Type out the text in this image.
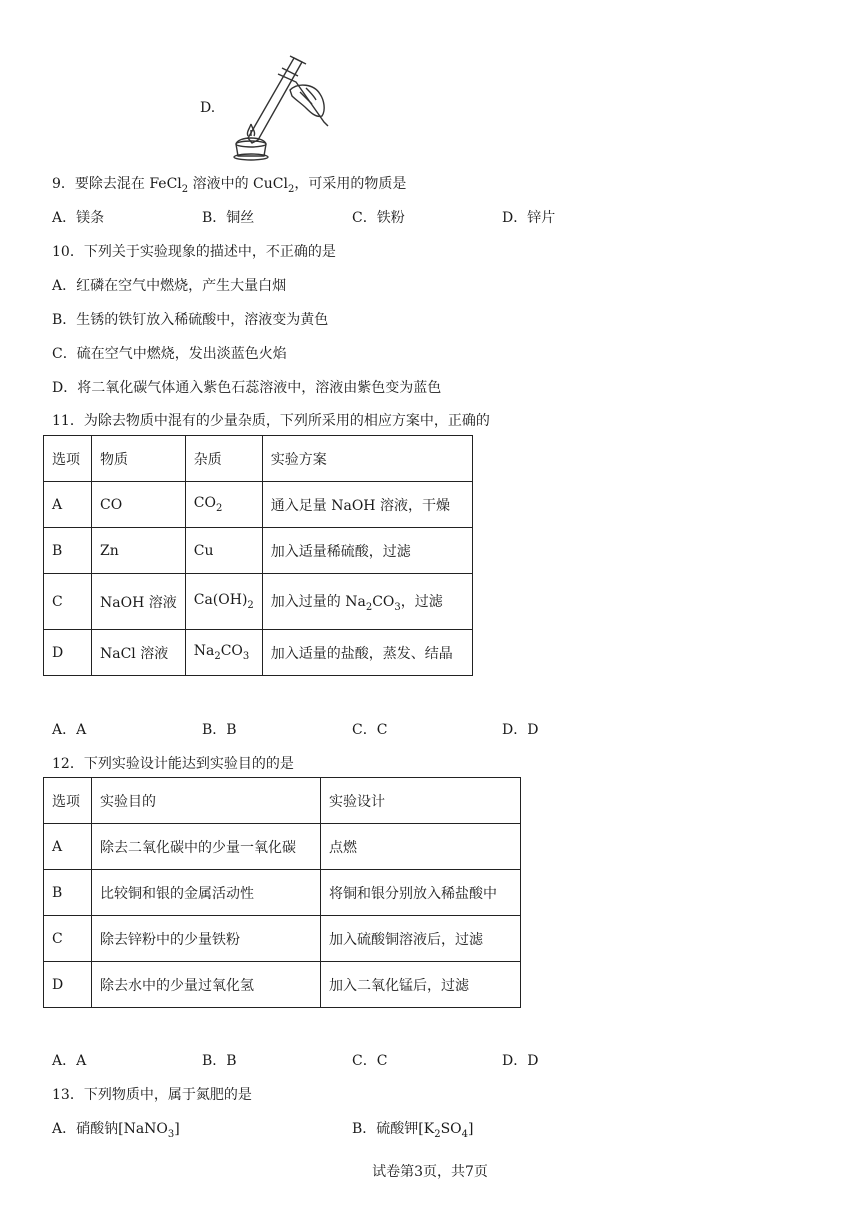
D.
9．要除去混在 FeCl$_2$ 溶液中的 CuCl$_2$，可采用的物质是
A．镁条	B．铜丝	C．铁粉	D．锌片
10．下列关于实验现象的描述中，不正确的是
A．红磷在空气中燃烧，产生大量白烟
B．生锈的铁钉放入稀硫酸中，溶液变为黄色
C．硫在空气中燃烧，发出淡蓝色火焰
D．将二氧化碳气体通入紫色石蕊溶液中，溶液由紫色变为蓝色
11．为除去物质中混有的少量杂质，下列所采用的相应方案中，正确的
选项	物质	杂质	实验方案
A	CO	$CO_2$	通入足量 NaOH 溶液，干燥
B	Zn	Cu	加入适量稀硫酸，过滤
C	NaOH 溶液	$Ca(OH)_2$	加入过量的 $Na_2CO_3$，过滤
D	NaCl 溶液	$Na_2CO_3$	加入适量的盐酸，蒸发、结晶
A．A	B．B	C．C	D．D
12．下列实验设计能达到实验目的的是
选项	实验目的	实验设计
A	除去二氧化碳中的少量一氧化碳	点燃
B	比较铜和银的金属活动性	将铜和银分别放入稀盐酸中
C	除去锌粉中的少量铁粉	加入硫酸铜溶液后，过滤
D	除去水中的少量过氧化氢	加入二氧化锰后，过滤
A．A	B．B	C．C	D．D
13．下列物质中，属于氮肥的是
A．硝酸钠[NaNO$_3$]	B．硫酸钾$[K_2SO_4]$
试卷第3页，共7页
